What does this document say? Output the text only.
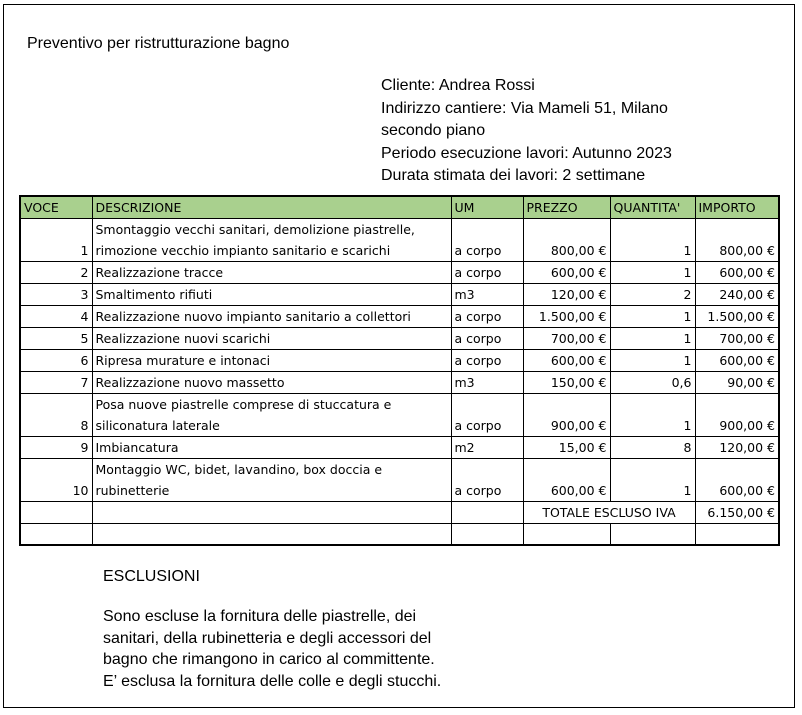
Preventivo per ristrutturazione bagno
Cliente: Andrea Rossi
Indirizzo cantiere: Via Mameli 51, Milano
secondo piano
Periodo esecuzione lavori: Autunno 2023
Durata stimata dei lavori: 2 settimane
VOCE	DESCRIZIONE	UM	PREZZO	QUANTITA'	IMPORTO
1	Smontaggio vecchi sanitari, demolizione piastrelle, rimozione vecchio impianto sanitario e scarichi	a corpo	800,00 €	1	800,00 €
2	Realizzazione tracce	a corpo	600,00 €	1	600,00 €
3	Smaltimento rifiuti	m3	120,00 €	2	240,00 €
4	Realizzazione nuovo impianto sanitario a collettori	a corpo	1.500,00 €	1	1.500,00 €
5	Realizzazione nuovi scarichi	a corpo	700,00 €	1	700,00 €
6	Ripresa murature e intonaci	a corpo	600,00 €	1	600,00 €
7	Realizzazione nuovo massetto	m3	150,00 €	0,6	90,00 €
8	Posa nuove piastrelle comprese di stuccatura e siliconatura laterale	a corpo	900,00 €	1	900,00 €
9	Imbiancatura	m2	15,00 €	8	120,00 €
10	Montaggio WC, bidet, lavandino, box doccia e rubinetterie	a corpo	600,00 €	1	600,00 €
			TOTALE ESCLUSO IVA		6.150,00 €

ESCLUSIONI
Sono escluse la fornitura delle piastrelle, dei
sanitari, della rubinetteria e degli accessori del
bagno che rimangono in carico al committente.
E’ esclusa la fornitura delle colle e degli stucchi.
